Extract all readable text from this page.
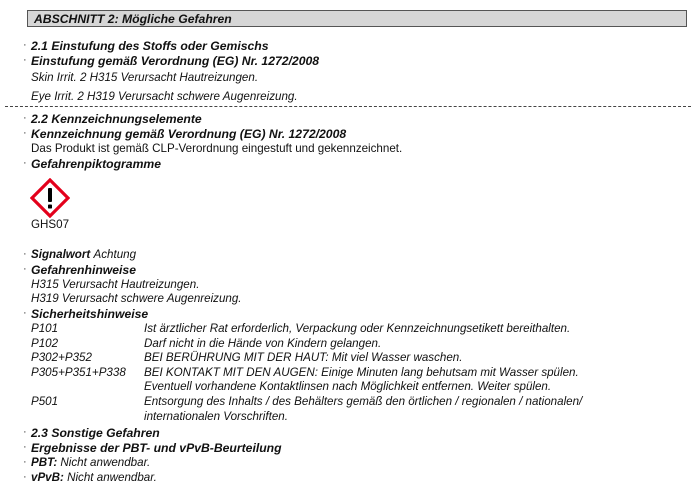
ABSCHNITT 2: Mögliche Gefahren
· 2.1 Einstufung des Stoffs oder Gemischs
· Einstufung gemäß Verordnung (EG) Nr. 1272/2008
Skin Irrit. 2 H315 Verursacht Hautreizungen.
Eye Irrit. 2 H319 Verursacht schwere Augenreizung.
· 2.2 Kennzeichnungselemente
· Kennzeichnung gemäß Verordnung (EG) Nr. 1272/2008
Das Produkt ist gemäß CLP-Verordnung eingestuft und gekennzeichnet.
· Gefahrenpiktogramme
GHS07
· Signalwort Achtung
· Gefahrenhinweise
H315 Verursacht Hautreizungen.
H319 Verursacht schwere Augenreizung.
· Sicherheitshinweise
P101	Ist ärztlicher Rat erforderlich, Verpackung oder Kennzeichnungsetikett bereithalten.
P102	Darf nicht in die Hände von Kindern gelangen.
P302+P352	BEI BERÜHRUNG MIT DER HAUT: Mit viel Wasser waschen.
P305+P351+P338 BEI KONTAKT MIT DEN AUGEN: Einige Minuten lang behutsam mit Wasser spülen.
Eventuell vorhandene Kontaktlinsen nach Möglichkeit entfernen. Weiter spülen.
P501	Entsorgung des Inhalts / des Behälters gemäß den örtlichen / regionalen / nationalen/
internationalen Vorschriften.
· 2.3 Sonstige Gefahren
· Ergebnisse der PBT- und vPvB-Beurteilung
· PBT: Nicht anwendbar.
· vPvB: Nicht anwendbar.
